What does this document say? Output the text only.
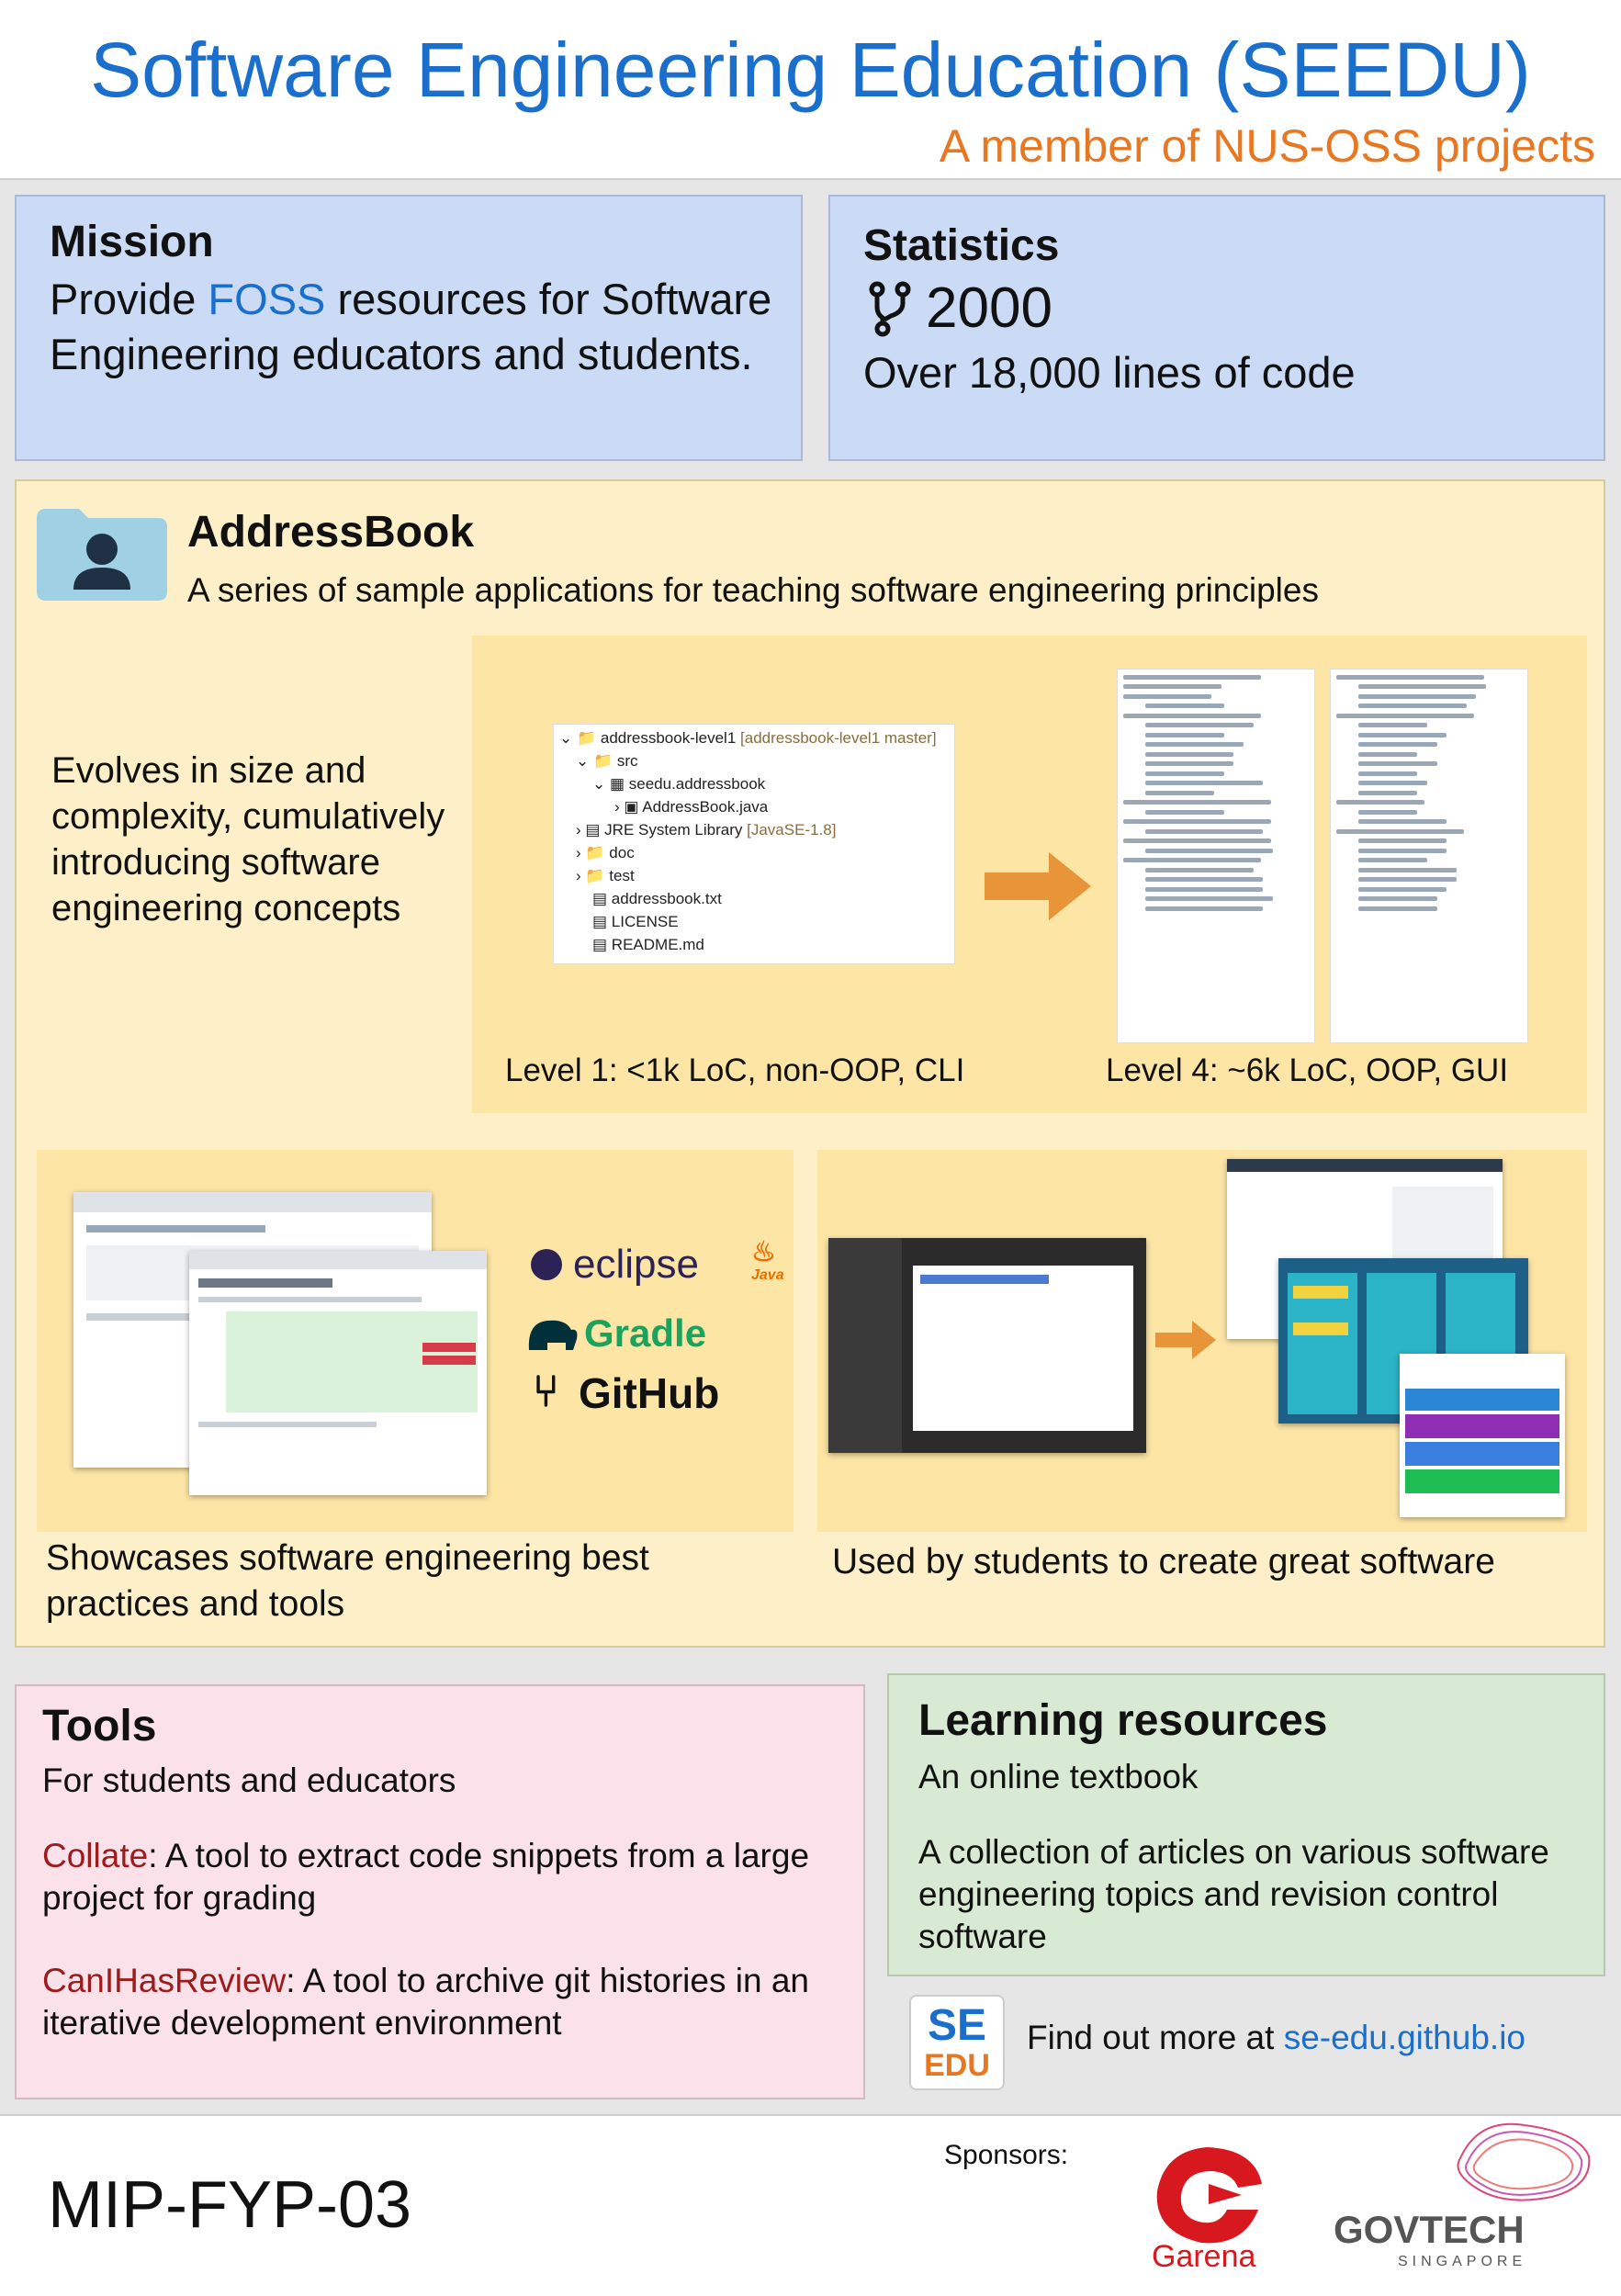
Software Engineering Education (SEEDU)
A member of NUS-OSS projects
Mission
Provide FOSS resources for Software Engineering educators and students.
Statistics
2000
Over 18,000 lines of code
AddressBook
A series of sample applications for teaching software engineering principles
Evolves in size and complexity, cumulatively introducing software engineering concepts
⌄ 📁 addressbook-level1 [addressbook-level1 master]
⌄ 📁 src
⌄ ▦ seedu.addressbook
› ▣ AddressBook.java
› ▤ JRE System Library [JavaSE-1.8]
› 📁 doc
› 📁 test
▤ addressbook.txt
▤ LICENSE
▤ README.md
Level 1: <1k LoC, non-OOP, CLI	Level 4: ~6k LoC, OOP, GUI
eclipse ♨
Java
Gradle
⑂ GitHub
Showcases software engineering best practices and tools
Used by students to create great software
Tools
For students and educators
Collate: A tool to extract code snippets from a large project for grading
CanIHasReview: A tool to archive git histories in an iterative development environment
Learning resources
An online textbook
A collection of articles on various software engineering topics and revision control software
SE
EDU
Find out more at se-edu.github.io
MIP-FYP-03
Sponsors:
Garena
GOVTECH
SINGAPORE
